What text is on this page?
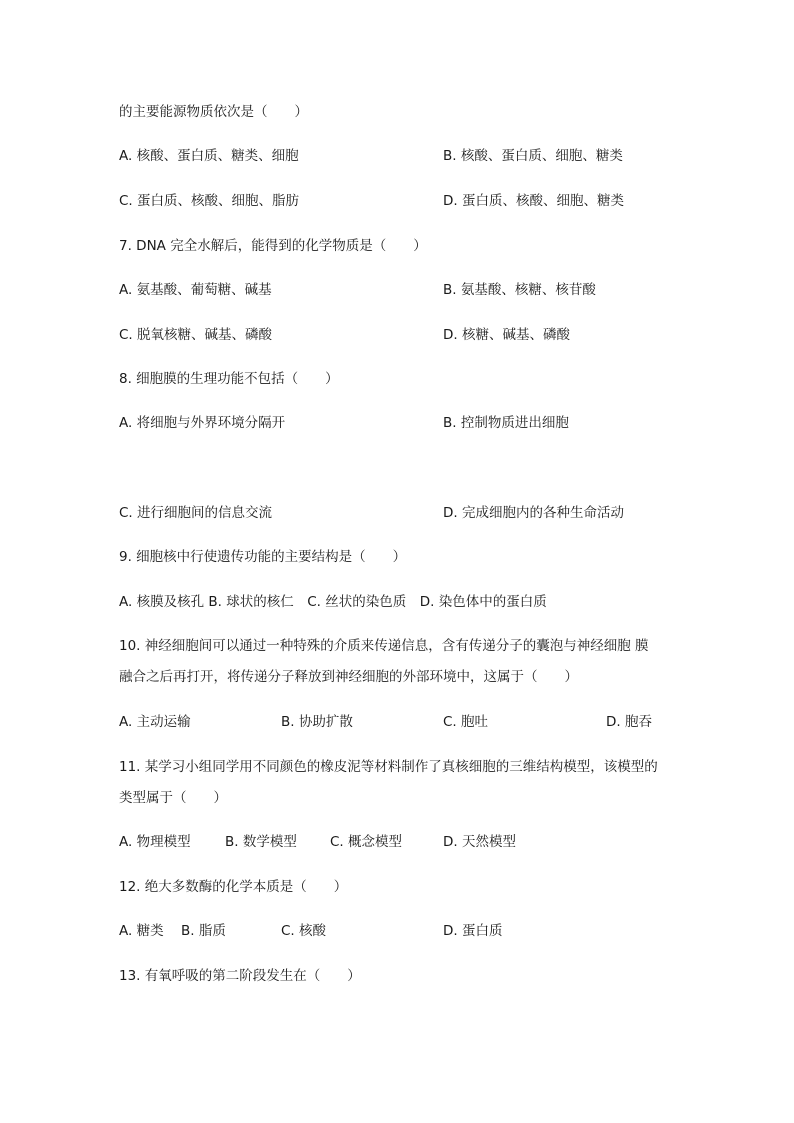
的主要能源物质依次是（　　）
A. 核酸、蛋白质、糖类、细胞	B. 核酸、蛋白质、细胞、糖类
C. 蛋白质、核酸、细胞、脂肪	D. 蛋白质、核酸、细胞、糖类
7. DNA 完全水解后，能得到的化学物质是（　　）
A. 氨基酸、葡萄糖、碱基	B. 氨基酸、核糖、核苷酸
C. 脱氧核糖、碱基、磷酸	D. 核糖、碱基、磷酸
8. 细胞膜的生理功能不包括（　　）
A. 将细胞与外界环境分隔开	B. 控制物质进出细胞
C. 进行细胞间的信息交流	D. 完成细胞内的各种生命活动
9. 细胞核中行使遗传功能的主要结构是（　　）
A. 核膜及核孔 B. 球状的核仁　C. 丝状的染色质　D. 染色体中的蛋白质
10. 神经细胞间可以通过一种特殊的介质来传递信息，含有传递分子的囊泡与神经细胞 膜
融合之后再打开，将传递分子释放到神经细胞的外部环境中，这属于（　　）
A. 主动运输	B. 协助扩散	C. 胞吐	D. 胞吞
11. 某学习小组同学用不同颜色的橡皮泥等材料制作了真核细胞的三维结构模型，该模型的
类型属于（　　）
A. 物理模型	B. 数学模型 C. 概念模型	D. 天然模型
12. 绝大多数酶的化学本质是（　　）
A. 糖类 B. 脂质	C. 核酸	D. 蛋白质
13. 有氧呼吸的第二阶段发生在（　　）
